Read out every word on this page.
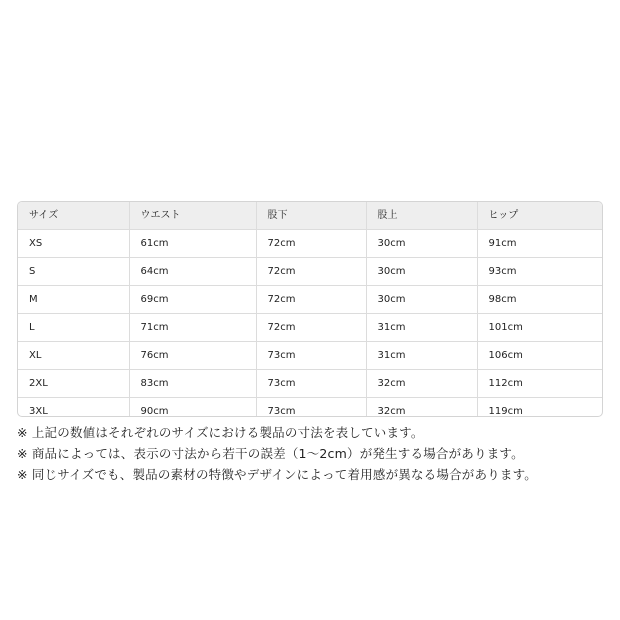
サイズ	ウエスト	股下	股上	ヒップ
XS	61cm	72cm	30cm	91cm
S	64cm	72cm	30cm	93cm
M	69cm	72cm	30cm	98cm
L	71cm	72cm	31cm	101cm
XL	76cm	73cm	31cm	106cm
2XL	83cm	73cm	32cm	112cm
3XL	90cm	73cm	32cm	119cm
※ 上記の数値はそれぞれのサイズにおける製品の寸法を表しています。
※ 商品によっては、表示の寸法から若干の誤差（1～2cm）が発生する場合があります。
※ 同じサイズでも、製品の素材の特徴やデザインによって着用感が異なる場合があります。
